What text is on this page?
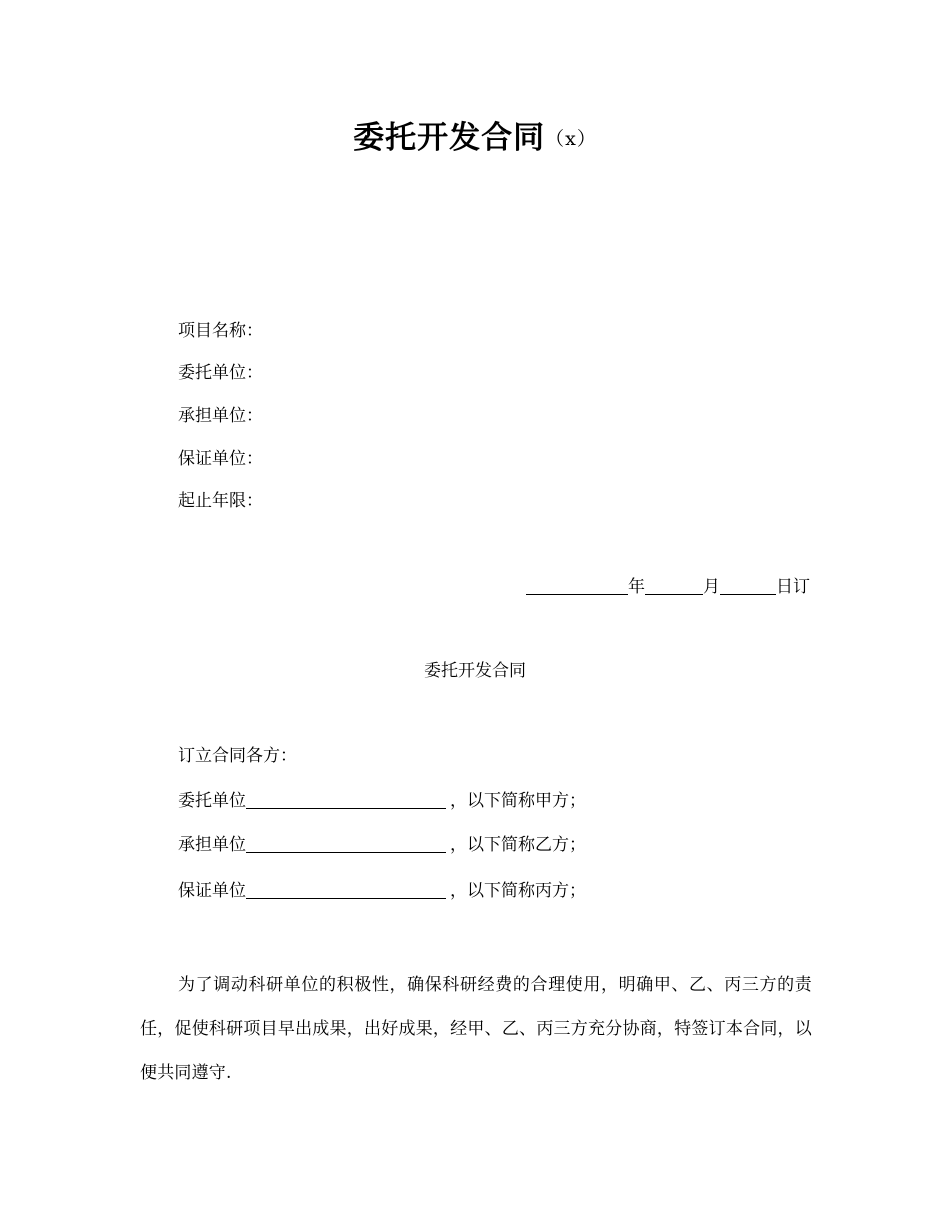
委托开发合同（x）
项目名称：
委托单位：
承担单位：
保证单位：
起止年限：
年	月	日订
委托开发合同
订立合同各方：
委托单位	，以下简称甲方；
承担单位	，以下简称乙方；
保证单位	，以下简称丙方；
为了调动科研单位的积极性，确保科研经费的合理使用，明确甲、乙、丙三方的责任，促使科研项目早出成果，出好成果，经甲、乙、丙三方充分协商，特签订本合同，以便共同遵守.
